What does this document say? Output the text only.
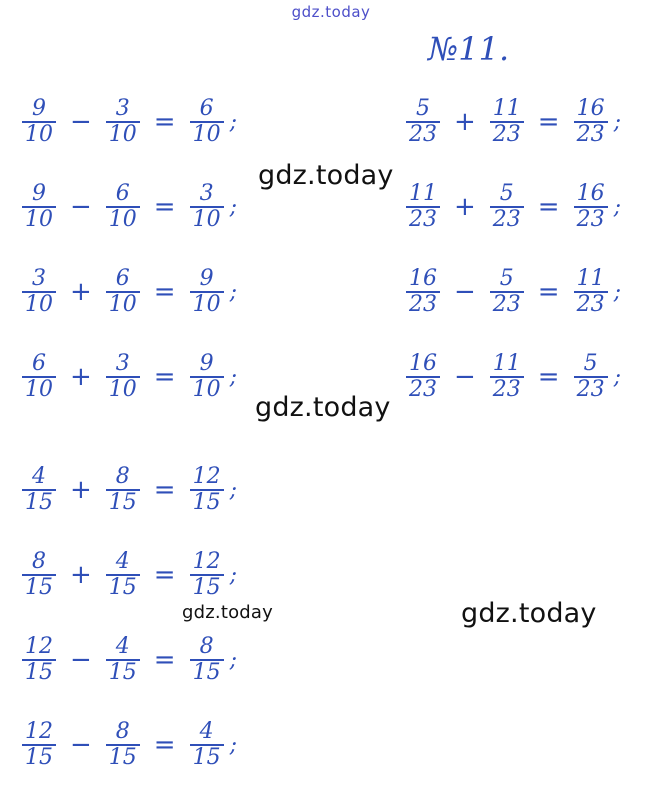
gdz.today
№11.
$\frac{9}{10} - \frac{3}{10} = \frac{6}{10}$ ;
$\frac{9}{10} - \frac{6}{10} = \frac{3}{10}$ ;
$\frac{3}{10} + \frac{6}{10} = \frac{9}{10}$ ;
$\frac{6}{10} + \frac{3}{10} = \frac{9}{10}$ ;
$\frac{4}{15} + \frac{8}{15} = \frac{12}{15}$ ;
$\frac{8}{15} + \frac{4}{15} = \frac{12}{15}$ ;
$\frac{12}{15} - \frac{4}{15} = \frac{8}{15}$ ;
$\frac{12}{15} - \frac{8}{15} = \frac{4}{15}$ ;
$\frac{5}{23} + \frac{11}{23} = \frac{16}{23}$ ;
$\frac{11}{23} + \frac{5}{23} = \frac{16}{23}$ ;
$\frac{16}{23} - \frac{5}{23} = \frac{11}{23}$ ;
$\frac{16}{23} - \frac{11}{23} = \frac{5}{23}$ ;
gdz.today
gdz.today
gdz.today	gdz.today
